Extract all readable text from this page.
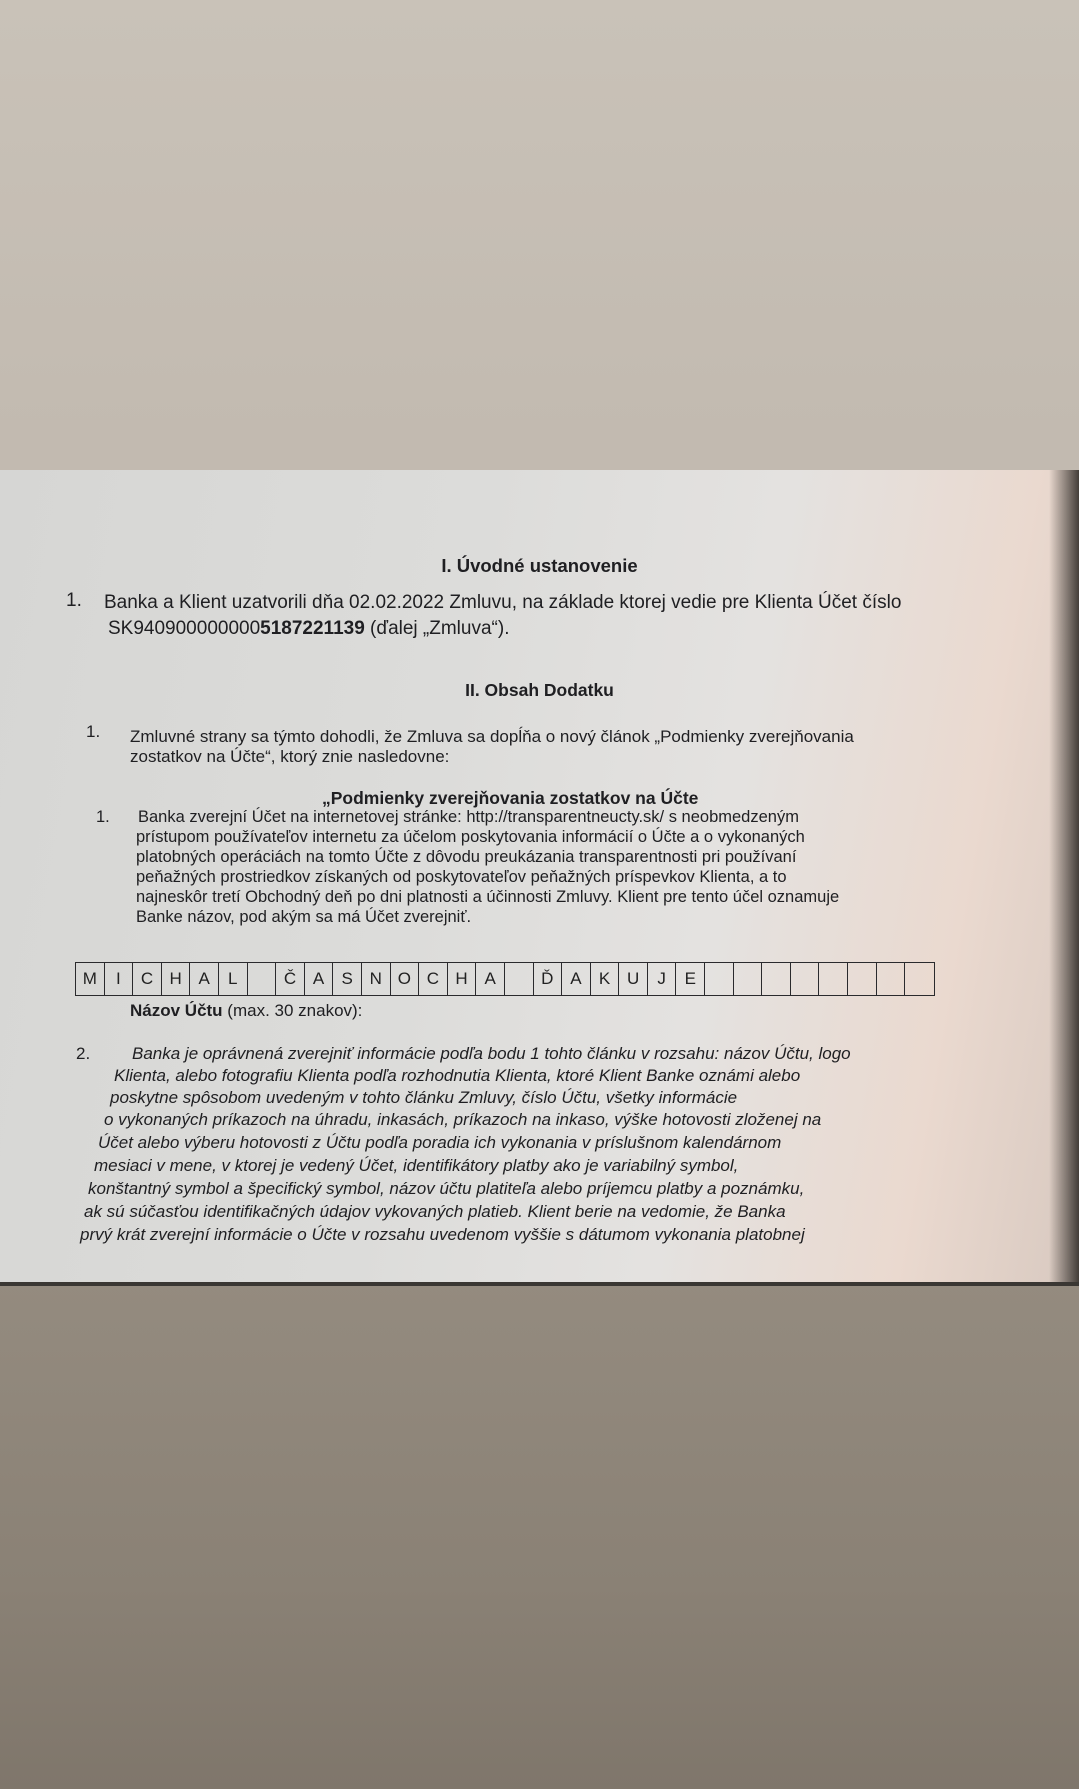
I. Úvodné ustanovenie
1. Banka a Klient uzatvorili dňa 02.02.2022 Zmluvu, na základe ktorej vedie pre Klienta Účet číslo
SK9409000000005187221139 (ďalej „Zmluva“).
II. Obsah Dodatku
1. Zmluvné strany sa týmto dohodli, že Zmluva sa dopĺňa o nový článok „Podmienky zverejňovania
zostatkov na Účte“, ktorý znie nasledovne:
„Podmienky zverejňovania zostatkov na Účte
1. Banka zverejní Účet na internetovej stránke: http://transparentneucty.sk/ s neobmedzeným
prístupom používateľov internetu za účelom poskytovania informácií o Účte a o vykonaných
platobných operáciách na tomto Účte z dôvodu preukázania transparentnosti pri používaní
peňažných prostriedkov získaných od poskytovateľov peňažných príspevkov Klienta, a to
najneskôr tretí Obchodný deň po dni platnosti a účinnosti Zmluvy. Klient pre tento účel oznamuje
Banke názov, pod akým sa má Účet zverejniť.
M	I	C H A	L	Č A	S N O C H A	Ď A	K U	J	E
Názov Účtu (max. 30 znakov):
2. Banka je oprávnená zverejniť informácie podľa bodu 1 tohto článku v rozsahu: názov Účtu, logo
Klienta, alebo fotografiu Klienta podľa rozhodnutia Klienta, ktoré Klient Banke oznámi alebo
poskytne spôsobom uvedeným v tohto článku Zmluvy, číslo Účtu, všetky informácie
o vykonaných príkazoch na úhradu, inkasách, príkazoch na inkaso, výške hotovosti zloženej na
Účet alebo výberu hotovosti z Účtu podľa poradia ich vykonania v príslušnom kalendárnom
mesiaci v mene, v ktorej je vedený Účet, identifikátory platby ako je variabilný symbol,
konštantný symbol a špecifický symbol, názov účtu platiteľa alebo príjemcu platby a poznámku,
ak sú súčasťou identifikačných údajov vykovaných platieb. Klient berie na vedomie, že Banka
prvý krát zverejní informácie o Účte v rozsahu uvedenom vyššie s dátumom vykonania platobnej
